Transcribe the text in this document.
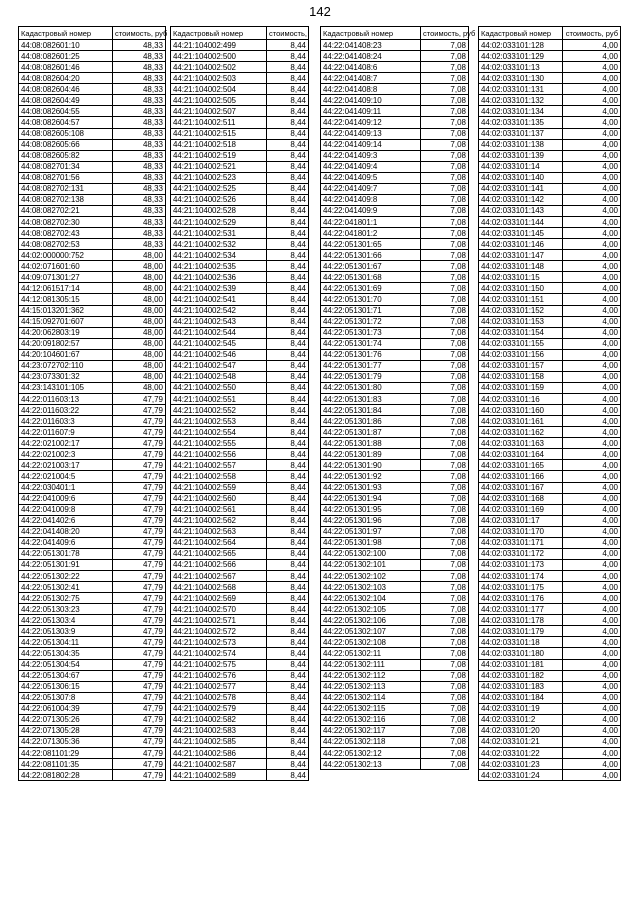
142
Кадастровый номер	стоимость, руб
44:08:082601:10	48,33
44:08:082601:25	48,33
44:08:082601:46	48,33
44:08:082604:20	48,33
44:08:082604:46	48,33
44:08:082604:49	48,33
44:08:082604:55	48,33
44:08:082604:57	48,33
44:08:082605:108	48,33
44:08:082605:66	48,33
44:08:082605:82	48,33
44:08:082701:34	48,33
44:08:082701:56	48,33
44:08:082702:131	48,33
44:08:082702:138	48,33
44:08:082702:21	48,33
44:08:082702:30	48,33
44:08:082702:43	48,33
44:08:082702:53	48,33
44:02:000000:752	48,00
44:02:071601:60	48,00
44:09:071301:27	48,00
44:12:061517:14	48,00
44:12:081305:15	48,00
44:15:013201:362	48,00
44:15:092701:607	48,00
44:20:062803:19	48,00
44:20:091802:57	48,00
44:20:104601:67	48,00
44:23:072702:110	48,00
44:23:073301:32	48,00
44:23:143101:105	48,00
44:22:011603:13	47,79
44:22:011603:22	47,79
44:22:011603:3	47,79
44:22:011607:9	47,79
44:22:021002:17	47,79
44:22:021002:3	47,79
44:22:021003:17	47,79
44:22:021004:5	47,79
44:22:030401:1	47,79
44:22:041009:6	47,79
44:22:041009:8	47,79
44:22:041402:6	47,79
44:22:041408:20	47,79
44:22:041409:6	47,79
44:22:051301:78	47,79
44:22:051301:91	47,79
44:22:051302:22	47,79
44:22:051302:41	47,79
44:22:051302:75	47,79
44:22:051303:23	47,79
44:22:051303:4	47,79
44:22:051303:9	47,79
44:22:051304:11	47,79
44:22:051304:35	47,79
44:22:051304:54	47,79
44:22:051304:67	47,79
44:22:051306:15	47,79
44:22:051307:8	47,79
44:22:061004:39	47,79
44:22:071305:26	47,79
44:22:071305:28	47,79
44:22:071305:36	47,79
44:22:081101:29	47,79
44:22:081101:35	47,79
44:22:081802:28	47,79
Кадастровый номер	стоимость,
44:21:104002:499	8,44
44:21:104002:500	8,44
44:21:104002:502	8,44
44:21:104002:503	8,44
44:21:104002:504	8,44
44:21:104002:505	8,44
44:21:104002:507	8,44
44:21:104002:511	8,44
44:21:104002:515	8,44
44:21:104002:518	8,44
44:21:104002:519	8,44
44:21:104002:521	8,44
44:21:104002:523	8,44
44:21:104002:525	8,44
44:21:104002:526	8,44
44:21:104002:528	8,44
44:21:104002:529	8,44
44:21:104002:531	8,44
44:21:104002:532	8,44
44:21:104002:534	8,44
44:21:104002:535	8,44
44:21:104002:536	8,44
44:21:104002:539	8,44
44:21:104002:541	8,44
44:21:104002:542	8,44
44:21:104002:543	8,44
44:21:104002:544	8,44
44:21:104002:545	8,44
44:21:104002:546	8,44
44:21:104002:547	8,44
44:21:104002:548	8,44
44:21:104002:550	8,44
44:21:104002:551	8,44
44:21:104002:552	8,44
44:21:104002:553	8,44
44:21:104002:554	8,44
44:21:104002:555	8,44
44:21:104002:556	8,44
44:21:104002:557	8,44
44:21:104002:558	8,44
44:21:104002:559	8,44
44:21:104002:560	8,44
44:21:104002:561	8,44
44:21:104002:562	8,44
44:21:104002:563	8,44
44:21:104002:564	8,44
44:21:104002:565	8,44
44:21:104002:566	8,44
44:21:104002:567	8,44
44:21:104002:568	8,44
44:21:104002:569	8,44
44:21:104002:570	8,44
44:21:104002:571	8,44
44:21:104002:572	8,44
44:21:104002:573	8,44
44:21:104002:574	8,44
44:21:104002:575	8,44
44:21:104002:576	8,44
44:21:104002:577	8,44
44:21:104002:578	8,44
44:21:104002:579	8,44
44:21:104002:582	8,44
44:21:104002:583	8,44
44:21:104002:585	8,44
44:21:104002:586	8,44
44:21:104002:587	8,44
44:21:104002:589	8,44
Кадастровый номер	стоимость, руб
44:22:041408:23	7,08
44:22:041408:24	7,08
44:22:041408:6	7,08
44:22:041408:7	7,08
44:22:041408:8	7,08
44:22:041409:10	7,08
44:22:041409:11	7,08
44:22:041409:12	7,08
44:22:041409:13	7,08
44:22:041409:14	7,08
44:22:041409:3	7,08
44:22:041409:4	7,08
44:22:041409:5	7,08
44:22:041409:7	7,08
44:22:041409:8	7,08
44:22:041409:9	7,08
44:22:041801:1	7,08
44:22:041801:2	7,08
44:22:051301:65	7,08
44:22:051301:66	7,08
44:22:051301:67	7,08
44:22:051301:68	7,08
44:22:051301:69	7,08
44:22:051301:70	7,08
44:22:051301:71	7,08
44:22:051301:72	7,08
44:22:051301:73	7,08
44:22:051301:74	7,08
44:22:051301:76	7,08
44:22:051301:77	7,08
44:22:051301:79	7,08
44:22:051301:80	7,08
44:22:051301:83	7,08
44:22:051301:84	7,08
44:22:051301:86	7,08
44:22:051301:87	7,08
44:22:051301:88	7,08
44:22:051301:89	7,08
44:22:051301:90	7,08
44:22:051301:92	7,08
44:22:051301:93	7,08
44:22:051301:94	7,08
44:22:051301:95	7,08
44:22:051301:96	7,08
44:22:051301:97	7,08
44:22:051301:98	7,08
44:22:051302:100	7,08
44:22:051302:101	7,08
44:22:051302:102	7,08
44:22:051302:103	7,08
44:22:051302:104	7,08
44:22:051302:105	7,08
44:22:051302:106	7,08
44:22:051302:107	7,08
44:22:051302:108	7,08
44:22:051302:11	7,08
44:22:051302:111	7,08
44:22:051302:112	7,08
44:22:051302:113	7,08
44:22:051302:114	7,08
44:22:051302:115	7,08
44:22:051302:116	7,08
44:22:051302:117	7,08
44:22:051302:118	7,08
44:22:051302:12	7,08
44:22:051302:13	7,08
Кадастровый номер	стоимость, руб
44:02:033101:128	4,00
44:02:033101:129	4,00
44:02:033101:13	4,00
44:02:033101:130	4,00
44:02:033101:131	4,00
44:02:033101:132	4,00
44:02:033101:134	4,00
44:02:033101:135	4,00
44:02:033101:137	4,00
44:02:033101:138	4,00
44:02:033101:139	4,00
44:02:033101:14	4,00
44:02:033101:140	4,00
44:02:033101:141	4,00
44:02:033101:142	4,00
44:02:033101:143	4,00
44:02:033101:144	4,00
44:02:033101:145	4,00
44:02:033101:146	4,00
44:02:033101:147	4,00
44:02:033101:148	4,00
44:02:033101:15	4,00
44:02:033101:150	4,00
44:02:033101:151	4,00
44:02:033101:152	4,00
44:02:033101:153	4,00
44:02:033101:154	4,00
44:02:033101:155	4,00
44:02:033101:156	4,00
44:02:033101:157	4,00
44:02:033101:158	4,00
44:02:033101:159	4,00
44:02:033101:16	4,00
44:02:033101:160	4,00
44:02:033101:161	4,00
44:02:033101:162	4,00
44:02:033101:163	4,00
44:02:033101:164	4,00
44:02:033101:165	4,00
44:02:033101:166	4,00
44:02:033101:167	4,00
44:02:033101:168	4,00
44:02:033101:169	4,00
44:02:033101:17	4,00
44:02:033101:170	4,00
44:02:033101:171	4,00
44:02:033101:172	4,00
44:02:033101:173	4,00
44:02:033101:174	4,00
44:02:033101:175	4,00
44:02:033101:176	4,00
44:02:033101:177	4,00
44:02:033101:178	4,00
44:02:033101:179	4,00
44:02:033101:18	4,00
44:02:033101:180	4,00
44:02:033101:181	4,00
44:02:033101:182	4,00
44:02:033101:183	4,00
44:02:033101:184	4,00
44:02:033101:19	4,00
44:02:033101:2	4,00
44:02:033101:20	4,00
44:02:033101:21	4,00
44:02:033101:22	4,00
44:02:033101:23	4,00
44:02:033101:24	4,00
